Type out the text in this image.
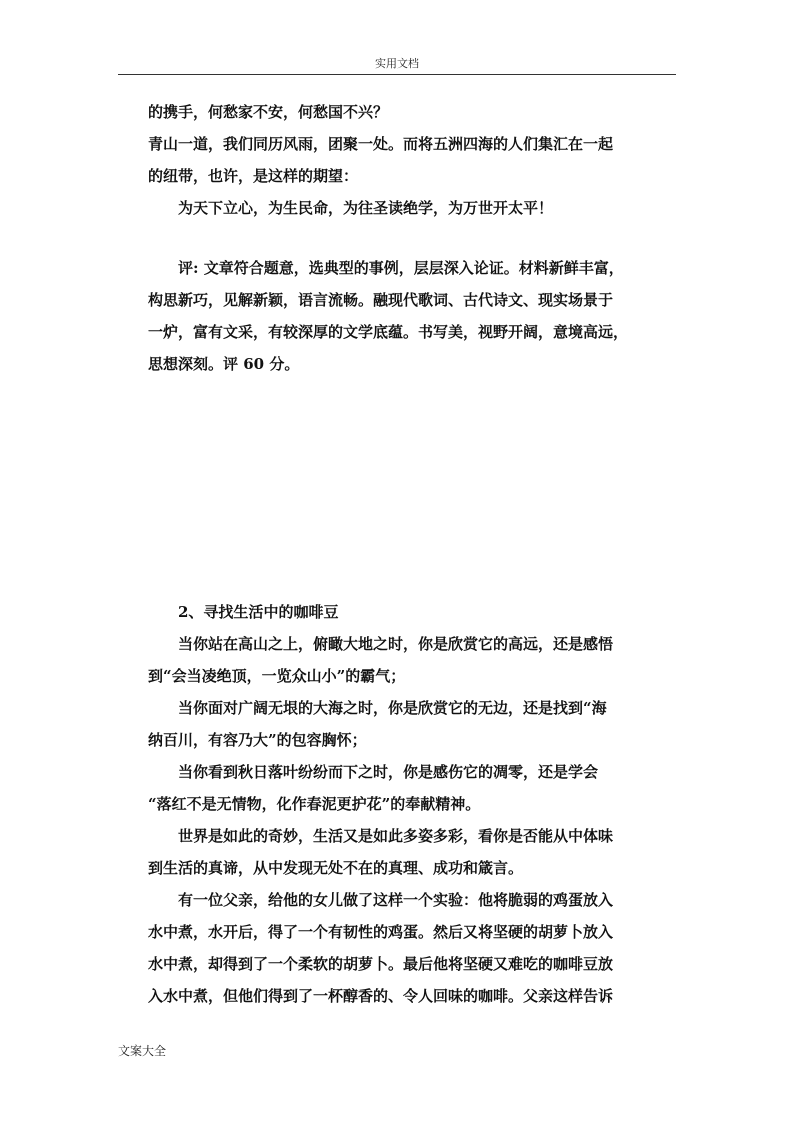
实用文档

的携手，何愁家不安，何愁国不兴？

青山一道，我们同历风雨，团聚一处。而将五洲四海的人们集汇在一起

的纽带，也许，是这样的期望：

为天下立心，为生民命，为往圣读绝学，为万世开太平！

评: 文章符合题意，选典型的事例，层层深入论证。材料新鲜丰富，

构思新巧，见解新颖，语言流畅。融现代歌词、古代诗文、现实场景于

一炉，富有文采，有较深厚的文学底蕴。书写美，视野开阔，意境高远，

思想深刻。评 60 分。

2、寻找生活中的咖啡豆

当你站在高山之上，俯瞰大地之时，你是欣赏它的高远，还是感悟

到“会当凌绝顶，一览众山小”的霸气；

当你面对广阔无垠的大海之时，你是欣赏它的无边，还是找到“海

纳百川，有容乃大”的包容胸怀；

当你看到秋日落叶纷纷而下之时，你是感伤它的凋零，还是学会

“落红不是无情物，化作春泥更护花”的奉献精神。

世界是如此的奇妙，生活又是如此多姿多彩，看你是否能从中体味

到生活的真谛，从中发现无处不在的真理、成功和箴言。

有一位父亲，给他的女儿做了这样一个实验：他将脆弱的鸡蛋放入

水中煮，水开后，得了一个有韧性的鸡蛋。然后又将坚硬的胡萝卜放入

水中煮，却得到了一个柔软的胡萝卜。最后他将坚硬又难吃的咖啡豆放

入水中煮，但他们得到了一杯醇香的、令人回味的咖啡。父亲这样告诉

文案大全
